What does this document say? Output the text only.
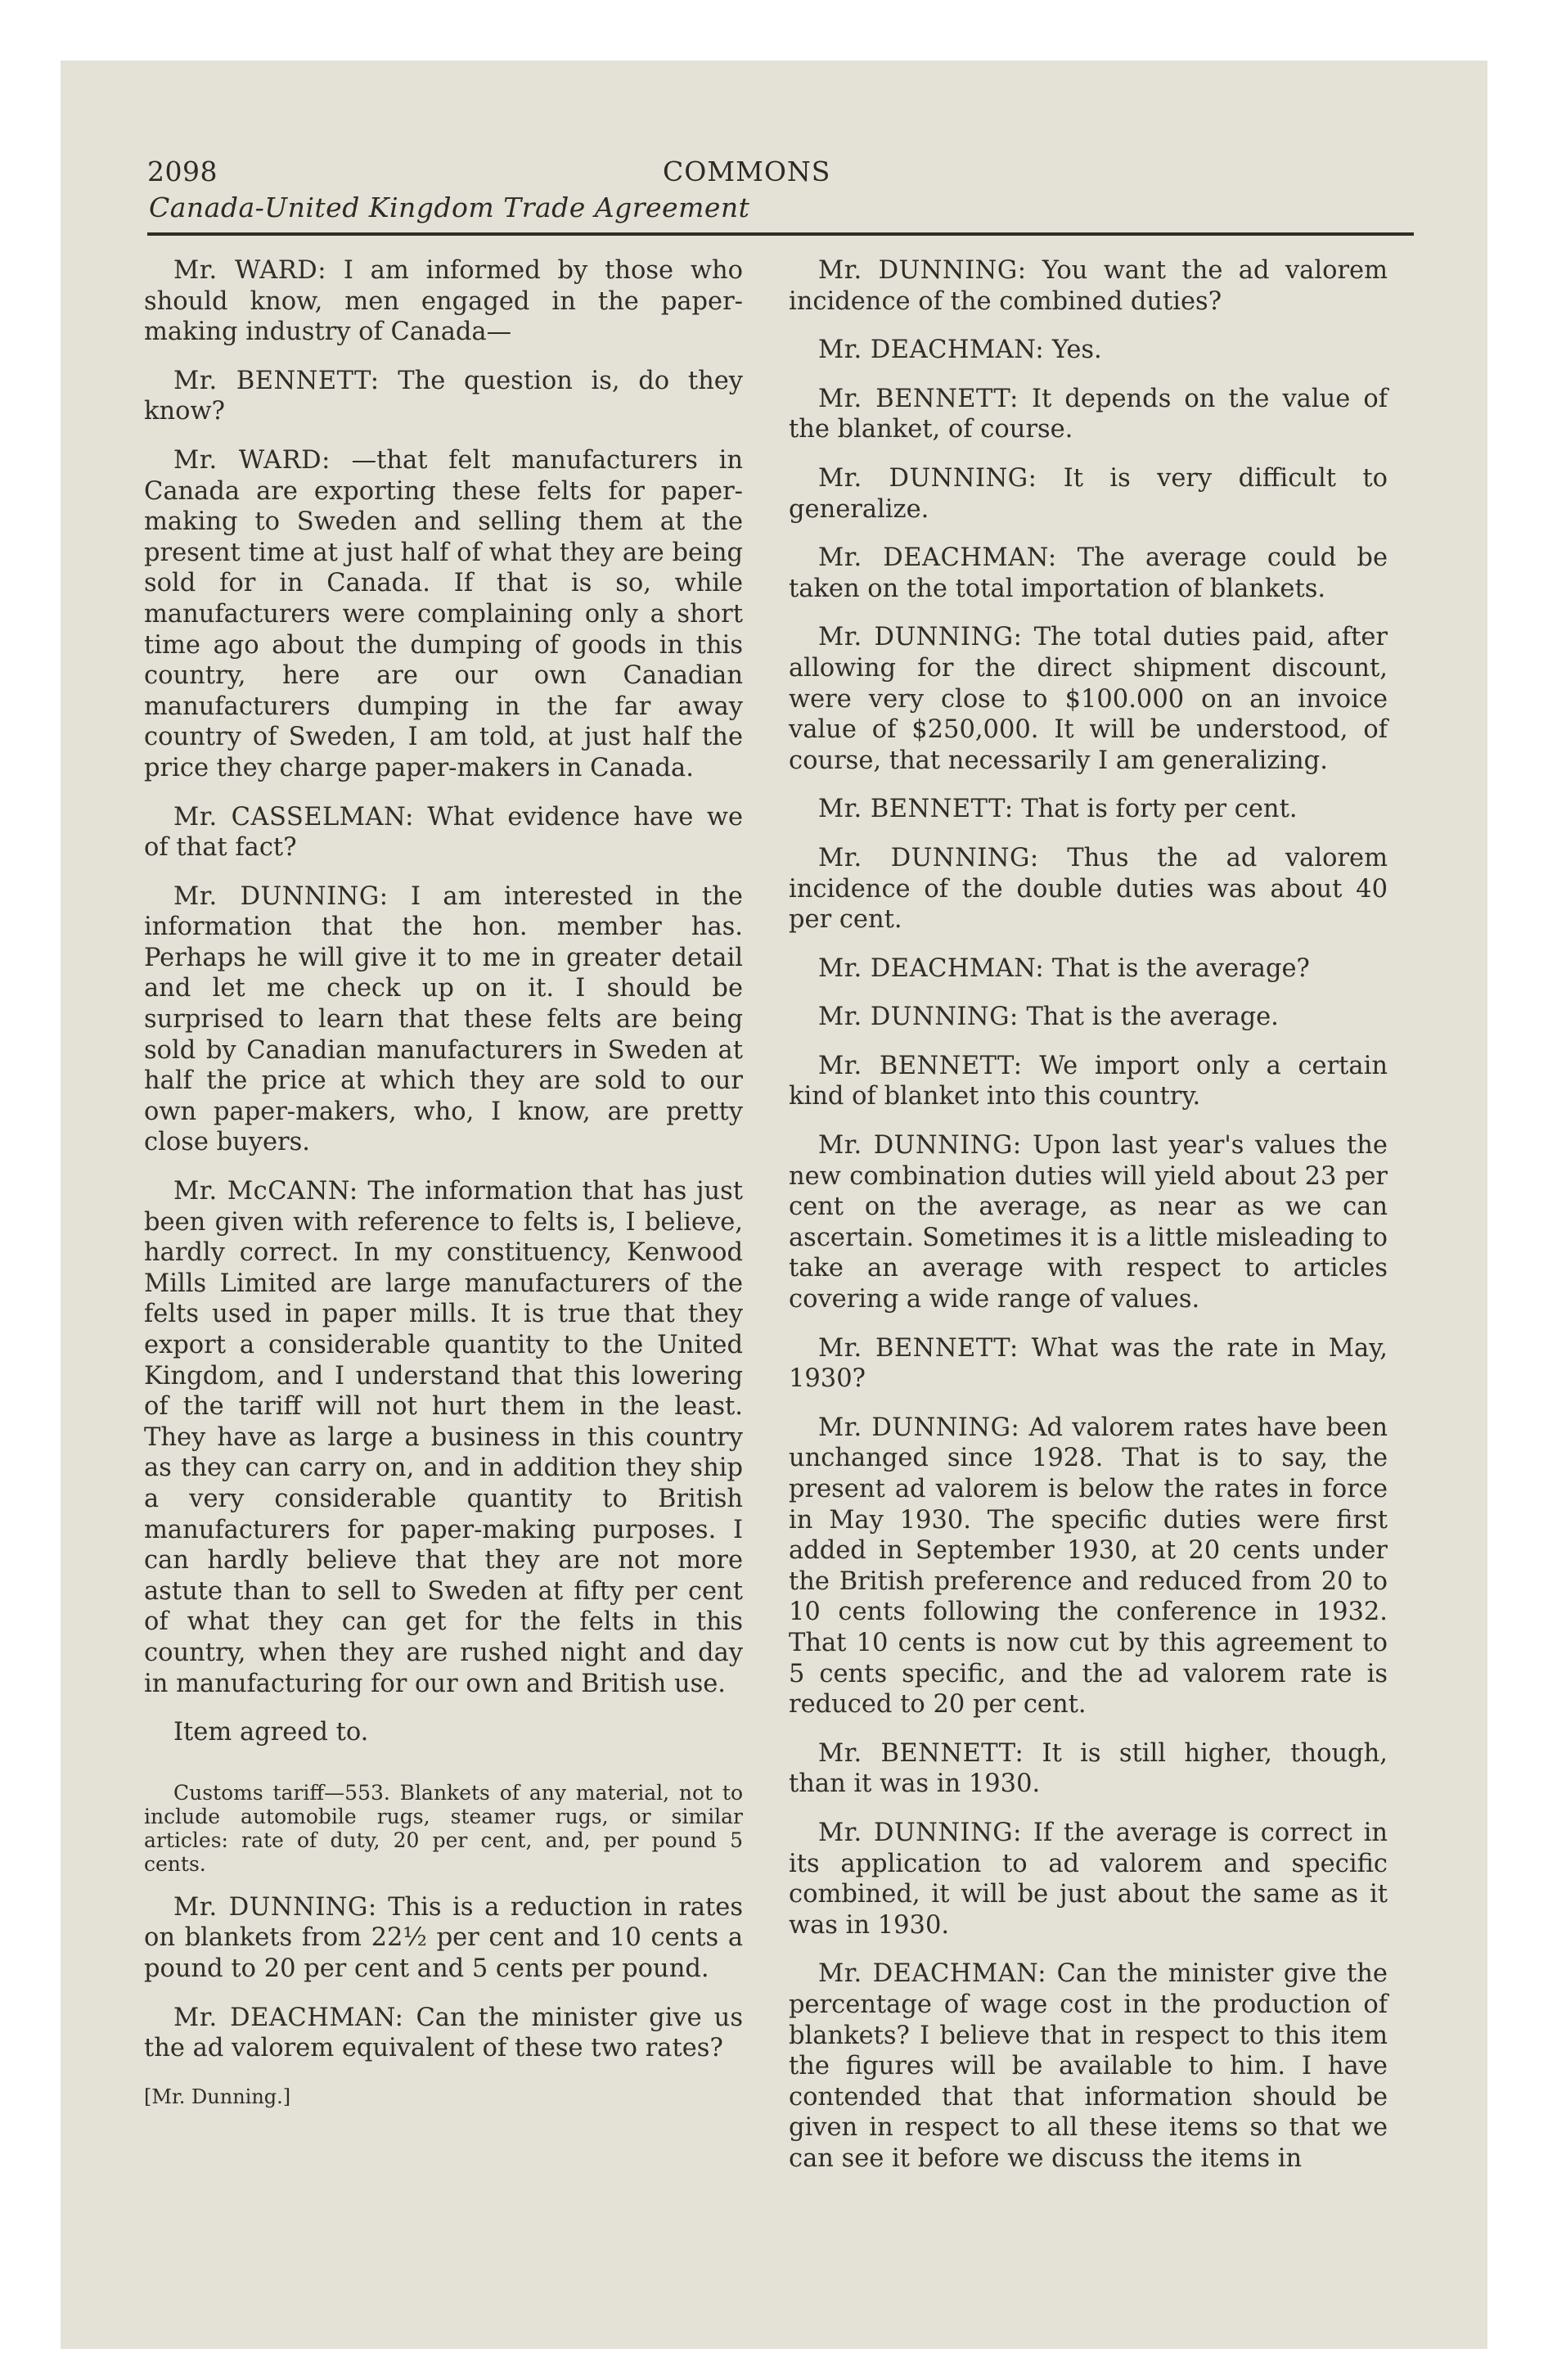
2098	COMMONS
Canada-United Kingdom Trade Agreement

Mr. WARD: I am informed by those who should know, men engaged in the paper-making industry of Canada—

Mr. BENNETT: The question is, do they know?

Mr. WARD: —that felt manufacturers in Canada are exporting these felts for paper-making to Sweden and selling them at the present time at just half of what they are being sold for in Canada. If that is so, while manufacturers were complaining only a short time ago about the dumping of goods in this country, here are our own Canadian manufacturers dumping in the far away country of Sweden, I am told, at just half the price they charge paper-makers in Canada.

Mr. CASSELMAN: What evidence have we of that fact?

Mr. DUNNING: I am interested in the information that the hon. member has. Perhaps he will give it to me in greater detail and let me check up on it. I should be surprised to learn that these felts are being sold by Canadian manufacturers in Sweden at half the price at which they are sold to our own paper-makers, who, I know, are pretty close buyers.

Mr. McCANN: The information that has just been given with reference to felts is, I believe, hardly correct. In my constituency, Kenwood Mills Limited are large manufacturers of the felts used in paper mills. It is true that they export a considerable quantity to the United Kingdom, and I understand that this lowering of the tariff will not hurt them in the least. They have as large a business in this country as they can carry on, and in addition they ship a very considerable quantity to British manufacturers for paper-making purposes. I can hardly believe that they are not more astute than to sell to Sweden at fifty per cent of what they can get for the felts in this country, when they are rushed night and day in manufacturing for our own and British use.

Item agreed to.

Customs tariff—553. Blankets of any material, not to include automobile rugs, steamer rugs, or similar articles: rate of duty, 20 per cent, and, per pound 5 cents.

Mr. DUNNING: This is a reduction in rates on blankets from 22½ per cent and 10 cents a pound to 20 per cent and 5 cents per pound.

Mr. DEACHMAN: Can the minister give us the ad valorem equivalent of these two rates?

[Mr. Dunning.]

Mr. DUNNING: You want the ad valorem incidence of the combined duties?

Mr. DEACHMAN: Yes.

Mr. BENNETT: It depends on the value of the blanket, of course.

Mr. DUNNING: It is very difficult to generalize.

Mr. DEACHMAN: The average could be taken on the total importation of blankets.

Mr. DUNNING: The total duties paid, after allowing for the direct shipment discount, were very close to $100.000 on an invoice value of $250,000. It will be understood, of course, that necessarily I am generalizing.

Mr. BENNETT: That is forty per cent.

Mr. DUNNING: Thus the ad valorem incidence of the double duties was about 40 per cent.

Mr. DEACHMAN: That is the average?

Mr. DUNNING: That is the average.

Mr. BENNETT: We import only a certain kind of blanket into this country.

Mr. DUNNING: Upon last year's values the new combination duties will yield about 23 per cent on the average, as near as we can ascertain. Sometimes it is a little misleading to take an average with respect to articles covering a wide range of values.

Mr. BENNETT: What was the rate in May, 1930?

Mr. DUNNING: Ad valorem rates have been unchanged since 1928. That is to say, the present ad valorem is below the rates in force in May 1930. The specific duties were first added in September 1930, at 20 cents under the British preference and reduced from 20 to 10 cents following the conference in 1932. That 10 cents is now cut by this agreement to 5 cents specific, and the ad valorem rate is reduced to 20 per cent.

Mr. BENNETT: It is still higher, though, than it was in 1930.

Mr. DUNNING: If the average is correct in its application to ad valorem and specific combined, it will be just about the same as it was in 1930.

Mr. DEACHMAN: Can the minister give the percentage of wage cost in the production of blankets? I believe that in respect to this item the figures will be available to him. I have contended that that information should be given in respect to all these items so that we can see it before we discuss the items in
